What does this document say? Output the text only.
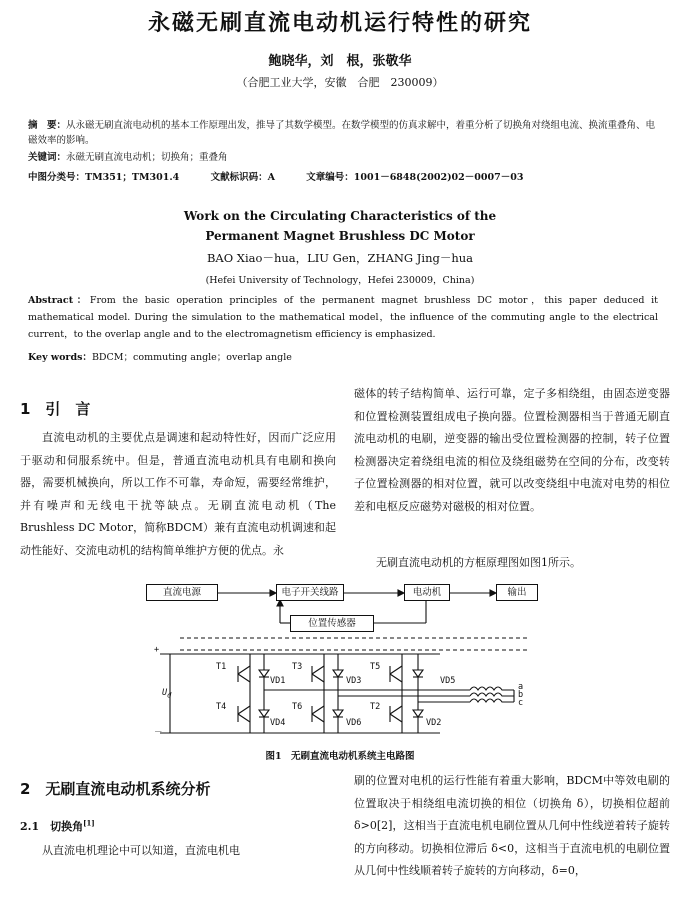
永磁无刷直流电动机运行特性的研究
鲍晓华，刘　根，张敬华
（合肥工业大学，安徽　合肥　230009）
摘　要：从永磁无刷直流电动机的基本工作原理出发，推导了其数学模型。在数学模型的仿真求解中，着重分析了切换角对绕组电流、换流重叠角、电磁效率的影响。
关键词：永磁无刷直流电动机；切换角；重叠角
中图分类号：TM351；TM301.4	文献标识码：A	文章编号：1001－6848(2002)02－0007－03
Work on the Circulating Characteristics of the
Permanent Magnet Brushless DC Motor
BAO Xiao－hua，LIU Gen，ZHANG Jing－hua
(Hefei University of Technology，Hefei 230009，China)
Abstract：From the basic operation principles of the permanent magnet brushless DC motor，this paper deduced it mathematical model. During the simulation to the mathematical model，the influence of the commuting angle to the electrical current，to the overlap angle and to the electromagnetism efficiency is emphasized.
Key words：BDCM；commuting angle；overlap angle
1　引　言
直流电动机的主要优点是调速和起动特性好，因而广泛应用于驱动和伺服系统中。但是，普通直流电动机具有电刷和换向器，需要机械换向，所以工作不可靠，寿命短，需要经常维护，并有噪声和无线电干扰等缺点。无刷直流电动机（The Brushless DC Motor，简称BDCM）兼有直流电动机调速和起动性能好、交流电动机的结构简单维护方便的优点。永
磁体的转子结构简单、运行可靠，定子多相绕组，由固态逆变器和位置检测装置组成电子换向器。位置检测器相当于普通无刷直流电动机的电刷，逆变器的输出受位置检测器的控制，转子位置检测器决定着绕组电流的相位及绕组磁势在空间的分布，改变转子位置检测器的相对位置，就可以改变绕组中电流对电势的相位差和电枢反应磁势对磁极的相对位置。
无刷直流电动机的方框原理图如图1所示。
直流电源	电子开关线路	电动机	输出
位置传感器
+
－
$U_d$
T1	T3	T5
T4	T6	T2
VD1	VD3	VD5
VD4	VD6	VD2
a
b
c
图1　无刷直流电动机系统主电路图
2　无刷直流电动机系统分析
2.1　切换角[1]
从直流电机理论中可以知道，直流电机电
刷的位置对电机的运行性能有着重大影响，BDCM中等效电刷的位置取决于相绕组电流切换的相位（切换角 δ），切换相位超前 δ>0[2]，这相当于直流电机电刷位置从几何中性线逆着转子旋转的方向移动。切换相位滞后 δ<0，这相当于直流电机的电刷位置从几何中性线顺着转子旋转的方向移动，δ=0，
